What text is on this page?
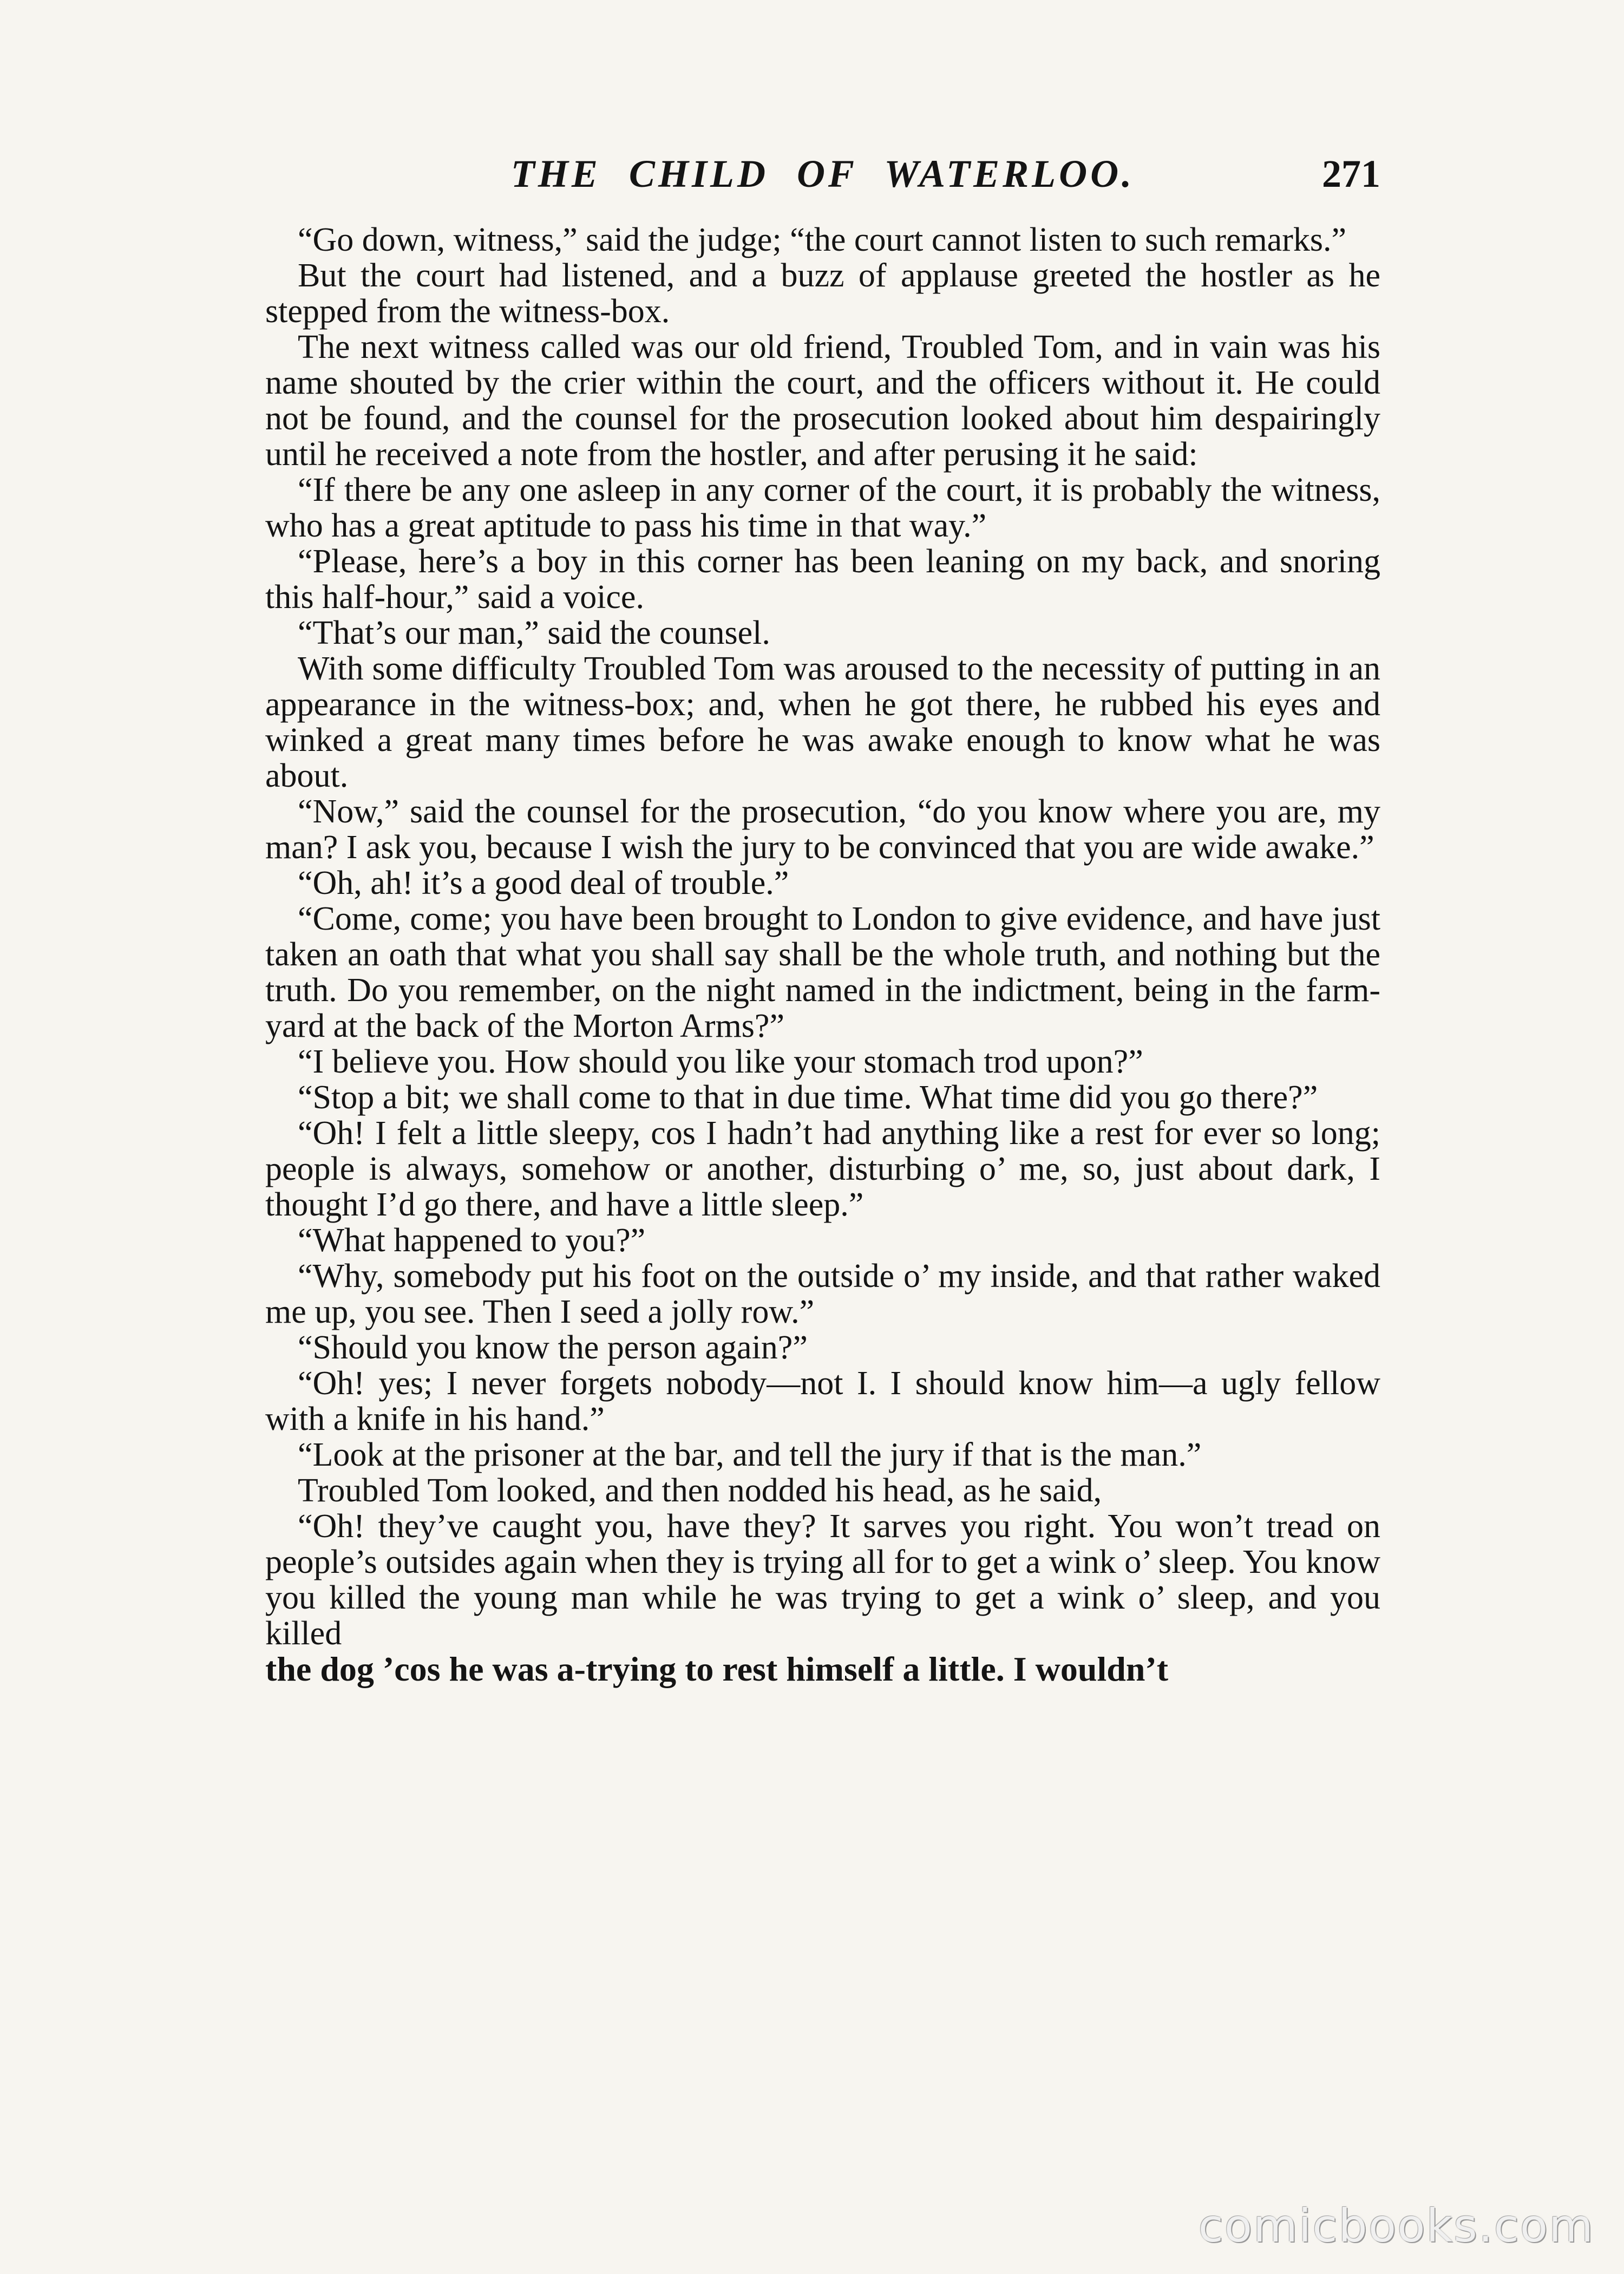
THE CHILD OF WATERLOO.	271

“Go down, witness,” said the judge; “the court cannot listen to such remarks.”

But the court had listened, and a buzz of applause greeted the hostler as he stepped from the witness-box.

The next witness called was our old friend, Troubled Tom, and in vain was his name shouted by the crier within the court, and the officers without it. He could not be found, and the counsel for the prosecution looked about him despairingly until he received a note from the hostler, and after perusing it he said:

“If there be any one asleep in any corner of the court, it is probably the witness, who has a great aptitude to pass his time in that way.”

“Please, here’s a boy in this corner has been leaning on my back, and snoring this half-hour,” said a voice.

“That’s our man,” said the counsel.

With some difficulty Troubled Tom was aroused to the necessity of putting in an appearance in the witness-box; and, when he got there, he rubbed his eyes and winked a great many times before he was awake enough to know what he was about.

“Now,” said the counsel for the prosecution, “do you know where you are, my man? I ask you, because I wish the jury to be convinced that you are wide awake.”

“Oh, ah! it’s a good deal of trouble.”

“Come, come; you have been brought to London to give evidence, and have just taken an oath that what you shall say shall be the whole truth, and nothing but the truth. Do you remember, on the night named in the indictment, being in the farm-yard at the back of the Morton Arms?”

“I believe you. How should you like your stomach trod upon?”

“Stop a bit; we shall come to that in due time. What time did you go there?”

“Oh! I felt a little sleepy, cos I hadn’t had anything like a rest for ever so long; people is always, somehow or another, disturbing o’ me, so, just about dark, I thought I’d go there, and have a little sleep.”

“What happened to you?”

“Why, somebody put his foot on the outside o’ my inside, and that rather waked me up, you see. Then I seed a jolly row.”

“Should you know the person again?”

“Oh! yes; I never forgets nobody—not I. I should know him—a ugly fellow with a knife in his hand.”

“Look at the prisoner at the bar, and tell the jury if that is the man.”

Troubled Tom looked, and then nodded his head, as he said,

“Oh! they’ve caught you, have they? It sarves you right. You won’t tread on people’s outsides again when they is trying all for to get a wink o’ sleep. You know you killed the young man while he was trying to get a wink o’ sleep, and you killed

the dog ’cos he was a-trying to rest himself a little. I wouldn’t

comicbooks.com
